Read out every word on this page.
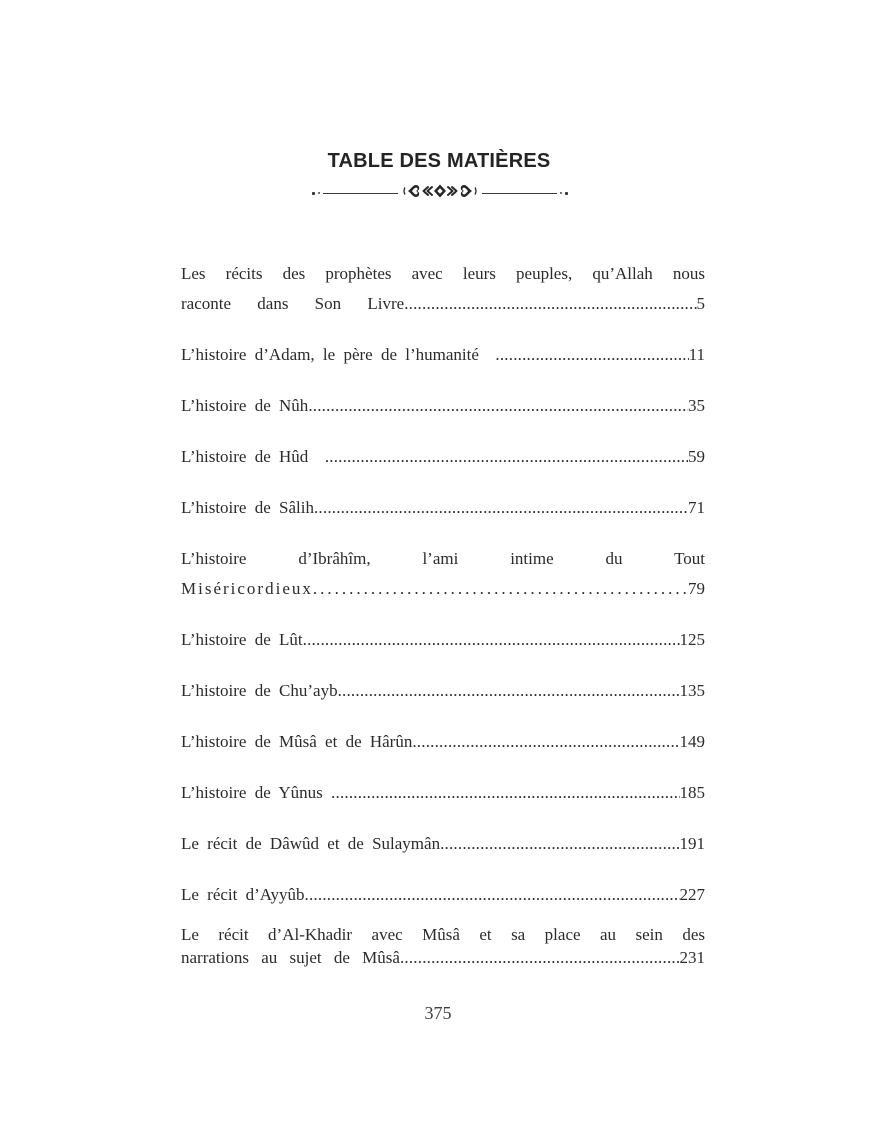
TABLE DES MATIÈRES
Les récits des prophètes avec leurs peuples, qu’Allah nous
raconte dans Son Livre .....	5
L’histoire d’Adam, le père de l’humanité .....	11
L’histoire de Nûh .....	35
L’histoire de Hûd .....	59
L’histoire de Sâlih .....	71
L’histoire d’Ibrâhîm, l’ami intime du Tout
Miséricordieux .....	79
L’histoire de Lût .....	125
L’histoire de Chu’ayb .....	135
L’histoire de Mûsâ et de Hârûn .....	149
L’histoire de Yûnus .....	185
Le récit de Dâwûd et de Sulaymân .....	191
Le récit d’Ayyûb .....	227
Le récit d’Al-Khadir avec Mûsâ et sa place au sein des
narrations au sujet de Mûsâ .....	231
375
